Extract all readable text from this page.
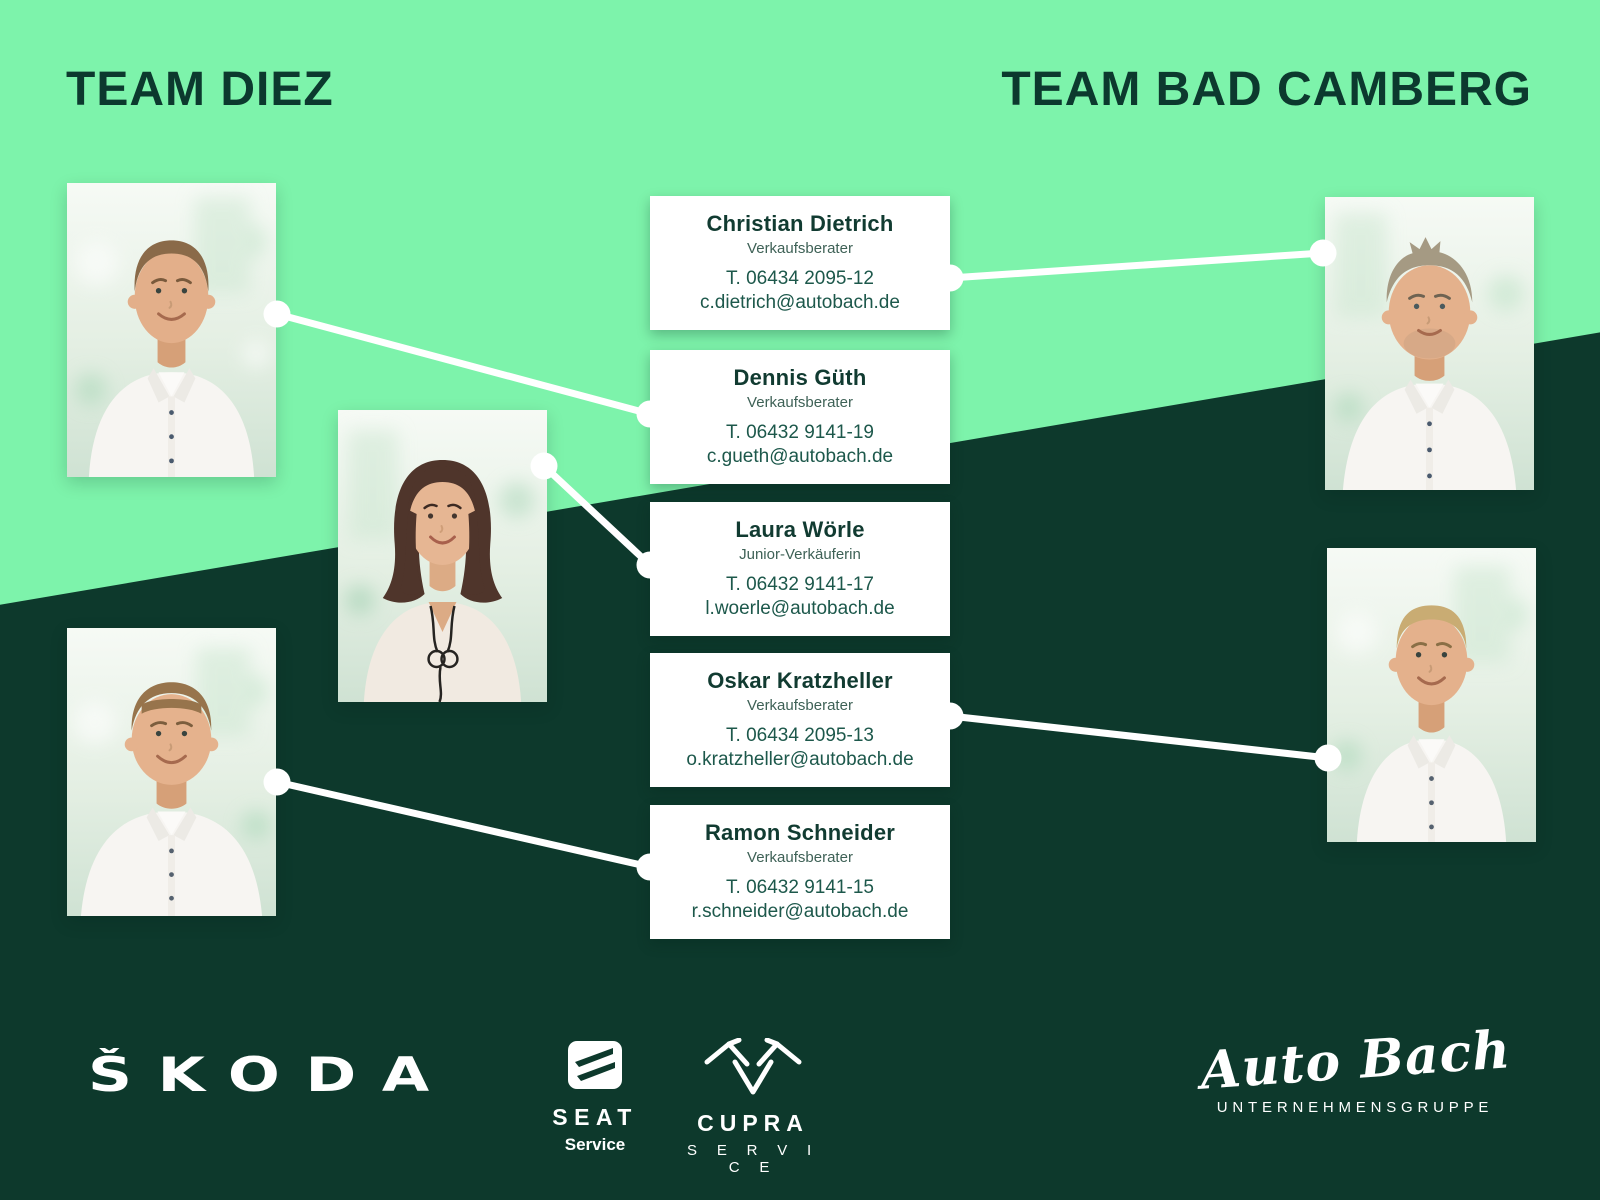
TEAM DIEZ	TEAM BAD CAMBERG
Christian Dietrich
Verkaufsberater
T. 06434 2095-12
c.dietrich@autobach.de
Dennis Güth
Verkaufsberater
T. 06432 9141-19
c.gueth@autobach.de
Laura Wörle
Junior-Verkäuferin
T. 06432 9141-17
l.woerle@autobach.de
Oskar Kratzheller
Verkaufsberater
T. 06434 2095-13
o.kratzheller@autobach.de
Ramon Schneider
Verkaufsberater
T. 06432 9141-15
r.schneider@autobach.de
ŠKODA
SEAT
Service
CUPRA
S E R V I C E
Auto Bach
UNTERNEHMENSGRUPPE
